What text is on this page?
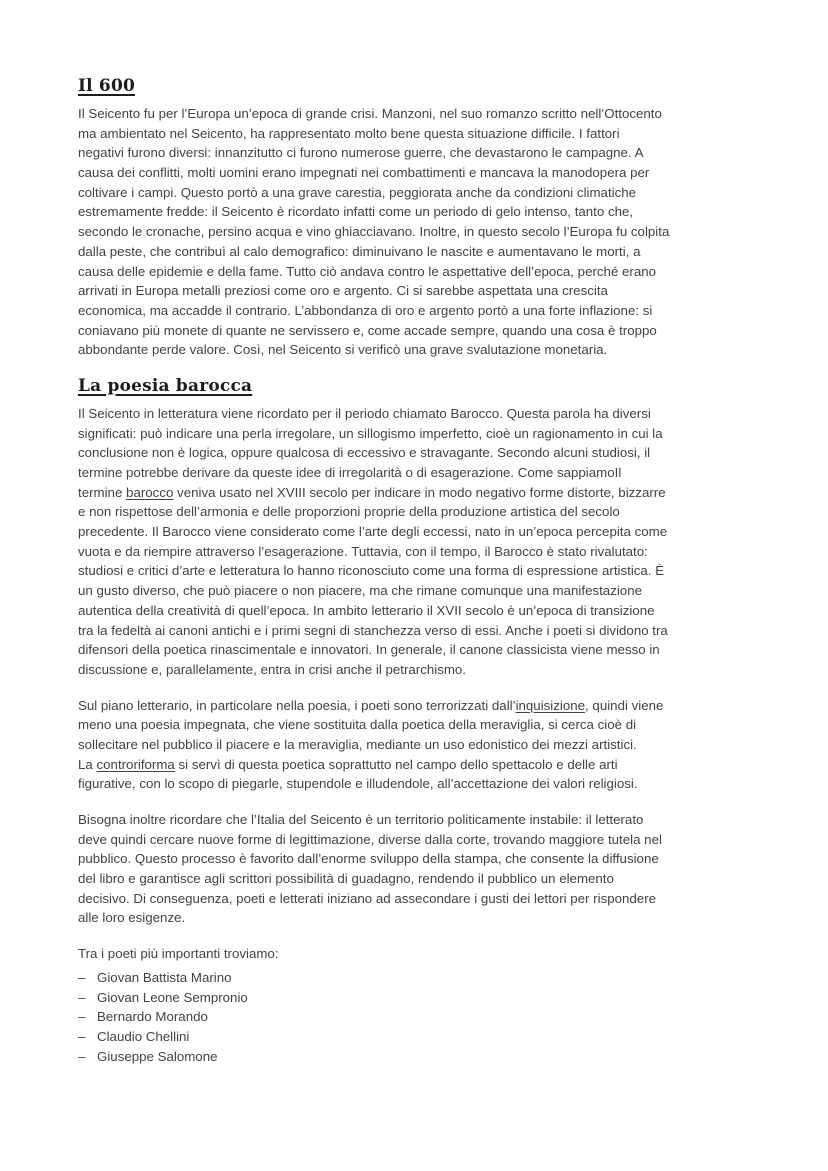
Il 600
Il Seicento fu per l’Europa un’epoca di grande crisi. Manzoni, nel suo romanzo scritto nell’Ottocento
ma ambientato nel Seicento, ha rappresentato molto bene questa situazione difficile. I fattori
negativi furono diversi: innanzitutto ci furono numerose guerre, che devastarono le campagne. A
causa dei conflitti, molti uomini erano impegnati nei combattimenti e mancava la manodopera per
coltivare i campi. Questo portò a una grave carestia, peggiorata anche da condizioni climatiche
estremamente fredde: il Seicento è ricordato infatti come un periodo di gelo intenso, tanto che,
secondo le cronache, persino acqua e vino ghiacciavano. Inoltre, in questo secolo l’Europa fu colpita
dalla peste, che contribuì al calo demografico: diminuivano le nascite e aumentavano le morti, a
causa delle epidemie e della fame. Tutto ciò andava contro le aspettative dell’epoca, perché erano
arrivati in Europa metalli preziosi come oro e argento. Ci si sarebbe aspettata una crescita
economica, ma accadde il contrario. L’abbondanza di oro e argento portò a una forte inflazione: si
coniavano più monete di quante ne servissero e, come accade sempre, quando una cosa è troppo
abbondante perde valore. Così, nel Seicento si verificò una grave svalutazione monetaria.
La poesia barocca
Il Seicento in letteratura viene ricordato per il periodo chiamato Barocco. Questa parola ha diversi
significati: può indicare una perla irregolare, un sillogismo imperfetto, cioè un ragionamento in cui la
conclusione non è logica, oppure qualcosa di eccessivo e stravagante. Secondo alcuni studiosi, il
termine potrebbe derivare da queste idee di irregolarità o di esagerazione. Come sappiamoIl
termine barocco veniva usato nel XVIII secolo per indicare in modo negativo forme distorte, bizzarre
e non rispettose dell’armonia e delle proporzioni proprie della produzione artistica del secolo
precedente. Il Barocco viene considerato come l’arte degli eccessi, nato in un’epoca percepita come
vuota e da riempire attraverso l’esagerazione. Tuttavia, con il tempo, il Barocco è stato rivalutato:
studiosi e critici d’arte e letteratura lo hanno riconosciuto come una forma di espressione artistica. È
un gusto diverso, che può piacere o non piacere, ma che rimane comunque una manifestazione
autentica della creatività di quell’epoca. In ambito letterario il XVII secolo è un’epoca di transizione
tra la fedeltà ai canoni antichi e i primi segni di stanchezza verso di essi. Anche i poeti si dividono tra
difensori della poetica rinascimentale e innovatori. In generale, il canone classicista viene messo in
discussione e, parallelamente, entra in crisi anche il petrarchismo.
Sul piano letterario, in particolare nella poesia, i poeti sono terrorizzati dall’inquisizione, quindi viene
meno una poesia impegnata, che viene sostituita dalla poetica della meraviglia, si cerca cioè di
sollecitare nel pubblico il piacere e la meraviglia, mediante un uso edonistico dei mezzi artistici.
La controriforma si servì di questa poetica soprattutto nel campo dello spettacolo e delle arti
figurative, con lo scopo di piegarle, stupendole e illudendole, all’accettazione dei valori religiosi.
Bisogna inoltre ricordare che l’Italia del Seicento è un territorio politicamente instabile: il letterato
deve quindi cercare nuove forme di legittimazione, diverse dalla corte, trovando maggiore tutela nel
pubblico. Questo processo è favorito dall’enorme sviluppo della stampa, che consente la diffusione
del libro e garantisce agli scrittori possibilità di guadagno, rendendo il pubblico un elemento
decisivo. Di conseguenza, poeti e letterati iniziano ad assecondare i gusti dei lettori per rispondere
alle loro esigenze.
Tra i poeti più importanti troviamo:
– Giovan Battista Marino
– Giovan Leone Sempronio
– Bernardo Morando
– Claudio Chellini
– Giuseppe Salomone
